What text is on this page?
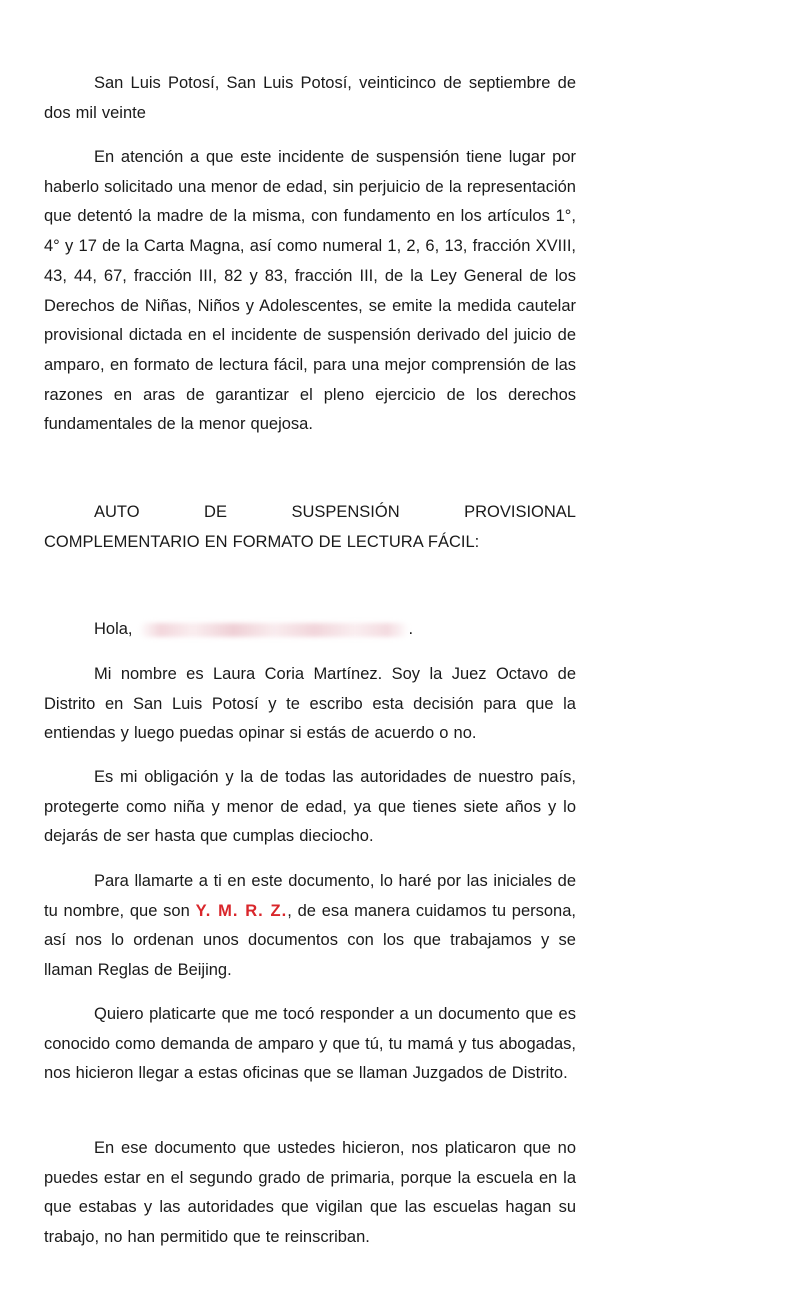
San Luis Potosí, San Luis Potosí, veinticinco de septiembre de dos mil veinte

En atención a que este incidente de suspensión tiene lugar por haberlo solicitado una menor de edad, sin perjuicio de la representación que detentó la madre de la misma, con fundamento en los artículos 1°, 4° y 17 de la Carta Magna, así como numeral 1, 2, 6, 13, fracción XVIII, 43, 44, 67, fracción III, 82 y 83, fracción III, de la Ley General de los Derechos de Niñas, Niños y Adolescentes, se emite la medida cautelar provisional dictada en el incidente de suspensión derivado del juicio de amparo, en formato de lectura fácil, para una mejor comprensión de las razones en aras de garantizar el pleno ejercicio de los derechos fundamentales de la menor quejosa.

AUTO DE SUSPENSIÓN PROVISIONAL
COMPLEMENTARIO EN FORMATO DE LECTURA FÁCIL:

Hola,	.

Mi nombre es Laura Coria Martínez. Soy la Juez Octavo de Distrito en San Luis Potosí y te escribo esta decisión para que la entiendas y luego puedas opinar si estás de acuerdo o no.

Es mi obligación y la de todas las autoridades de nuestro país, protegerte como niña y menor de edad, ya que tienes siete años y lo dejarás de ser hasta que cumplas dieciocho.

Para llamarte a ti en este documento, lo haré por las iniciales de tu nombre, que son Y. M. R. Z., de esa manera cuidamos tu persona, así nos lo ordenan unos documentos con los que trabajamos y se llaman Reglas de Beijing.

Quiero platicarte que me tocó responder a un documento que es conocido como demanda de amparo y que tú, tu mamá y tus abogadas, nos hicieron llegar a estas oficinas que se llaman Juzgados de Distrito.

En ese documento que ustedes hicieron, nos platicaron que no puedes estar en el segundo grado de primaria, porque la escuela en la que estabas y las autoridades que vigilan que las escuelas hagan su trabajo, no han permitido que te reinscriban.
